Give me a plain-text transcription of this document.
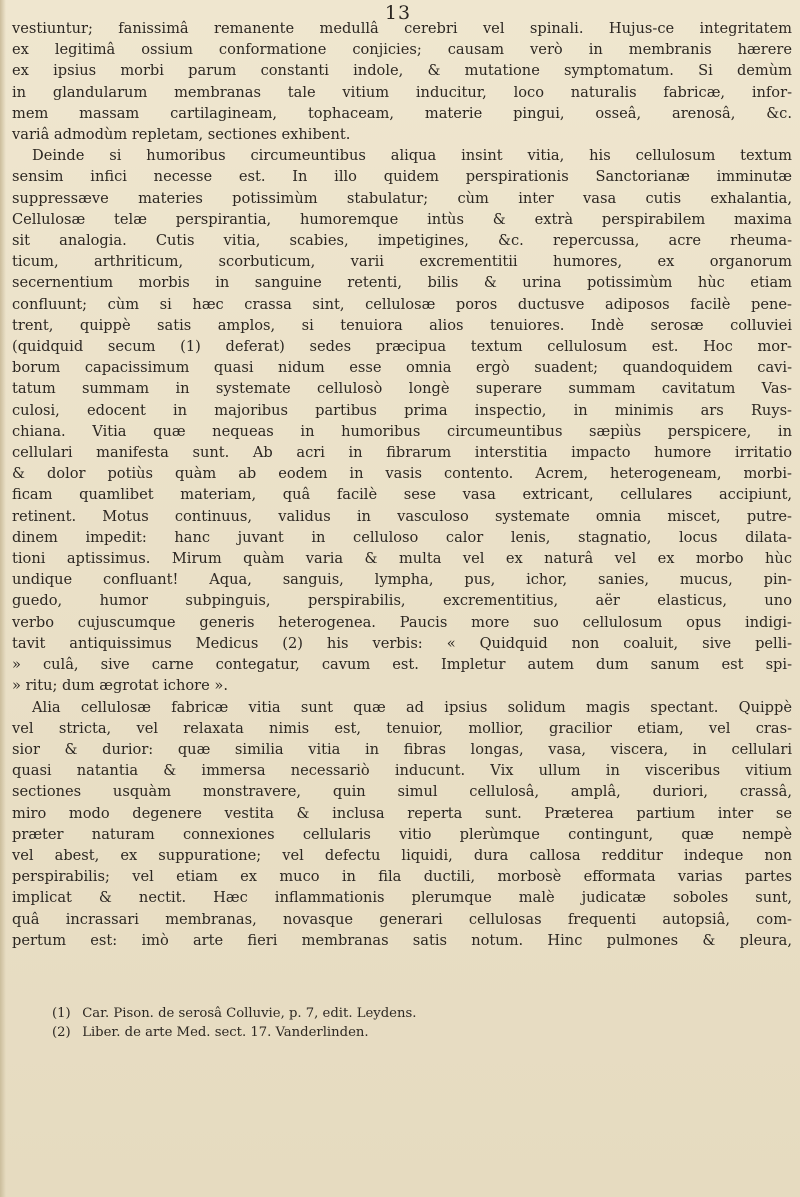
13

vestiuntur; fanissimâ remanente medullâ cerebri vel spinali. Hujus-ce integritatem

ex legitimâ ossium conformatione conjicies; causam verò in membranis hærere

ex ipsius morbi parum constanti indole, & mutatione symptomatum. Si demùm

in glandularum membranas tale vitium inducitur, loco naturalis fabricæ, infor-

mem massam cartilagineam, tophaceam, materie pingui, osseâ, arenosâ, &c.

variâ admodùm repletam, sectiones exhibent.

Deinde si humoribus circumeuntibus aliqua insint vitia, his cellulosum textum

sensim infici necesse est. In illo quidem perspirationis Sanctorianæ imminutæ

suppressæve materies potissimùm stabulatur; cùm inter vasa cutis exhalantia,

Cellulosæ telæ perspirantia, humoremque intùs & extrà perspirabilem maxima

sit analogia. Cutis vitia, scabies, impetigines, &c. repercussa, acre rheuma-

ticum, arthriticum, scorbuticum, varii excrementitii humores, ex organorum

secernentium morbis in sanguine retenti, bilis & urina potissimùm hùc etiam

confluunt; cùm si hæc crassa sint, cellulosæ poros ductusve adiposos facilè pene-

trent, quippè satis amplos, si tenuiora alios tenuiores. Indè serosæ colluviei

(quidquid secum (1) deferat) sedes præcipua textum cellulosum est. Hoc mor-

borum capacissimum quasi nidum esse omnia ergò suadent; quandoquidem cavi-

tatum summam in systemate cellulosò longè superare summam cavitatum Vas-

culosi, edocent in majoribus partibus prima inspectio, in minimis ars Ruys-

chiana. Vitia quæ nequeas in humoribus circumeuntibus sæpiùs perspicere, in

cellulari manifesta sunt. Ab acri in fibrarum interstitia impacto humore irritatio

& dolor potiùs quàm ab eodem in vasis contento. Acrem, heterogeneam, morbi-

ficam quamlibet materiam, quâ facilè sese vasa extricant, cellulares accipiunt,

retinent. Motus continuus, validus in vasculoso systemate omnia miscet, putre-

dinem impedit: hanc juvant in celluloso calor lenis, stagnatio, locus dilata-

tioni aptissimus. Mirum quàm varia & multa vel ex naturâ vel ex morbo hùc

undique confluant! Aqua, sanguis, lympha, pus, ichor, sanies, mucus, pin-

guedo, humor subpinguis, perspirabilis, excrementitius, aër elasticus, uno

verbo cujuscumque generis heterogenea. Paucis more suo cellulosum opus indigi-

tavit antiquissimus Medicus (2) his verbis: « Quidquid non coaluit, sive pelli-

» culâ, sive carne contegatur, cavum est. Impletur autem dum sanum est spi-

» ritu; dum ægrotat ichore ».

Alia cellulosæ fabricæ vitia sunt quæ ad ipsius solidum magis spectant. Quippè

vel stricta, vel relaxata nimis est, tenuior, mollior, gracilior etiam, vel cras-

sior & durior: quæ similia vitia in fibras longas, vasa, viscera, in cellulari

quasi natantia & immersa necessariò inducunt. Vix ullum in visceribus vitium

sectiones usquàm monstravere, quin simul cellulosâ, amplâ, duriori, crassâ,

miro modo degenere vestita & inclusa reperta sunt. Præterea partium inter se

præter naturam connexiones cellularis vitio plerùmque contingunt, quæ nempè

vel abest, ex suppuratione; vel defectu liquidi, dura callosa redditur indeque non

perspirabilis; vel etiam ex muco in fila ductili, morbosè efformata varias partes

implicat & nectit. Hæc inflammationis plerumque malè judicatæ soboles sunt,

quâ incrassari membranas, novasque generari cellulosas frequenti autopsiâ, com-

pertum est: imò arte fieri membranas satis notum. Hinc pulmones & pleura,

(1) Car. Pison. de serosâ Colluvie, p. 7, edit. Leydens.
(2) Liber. de arte Med. sect. 17. Vanderlinden.
